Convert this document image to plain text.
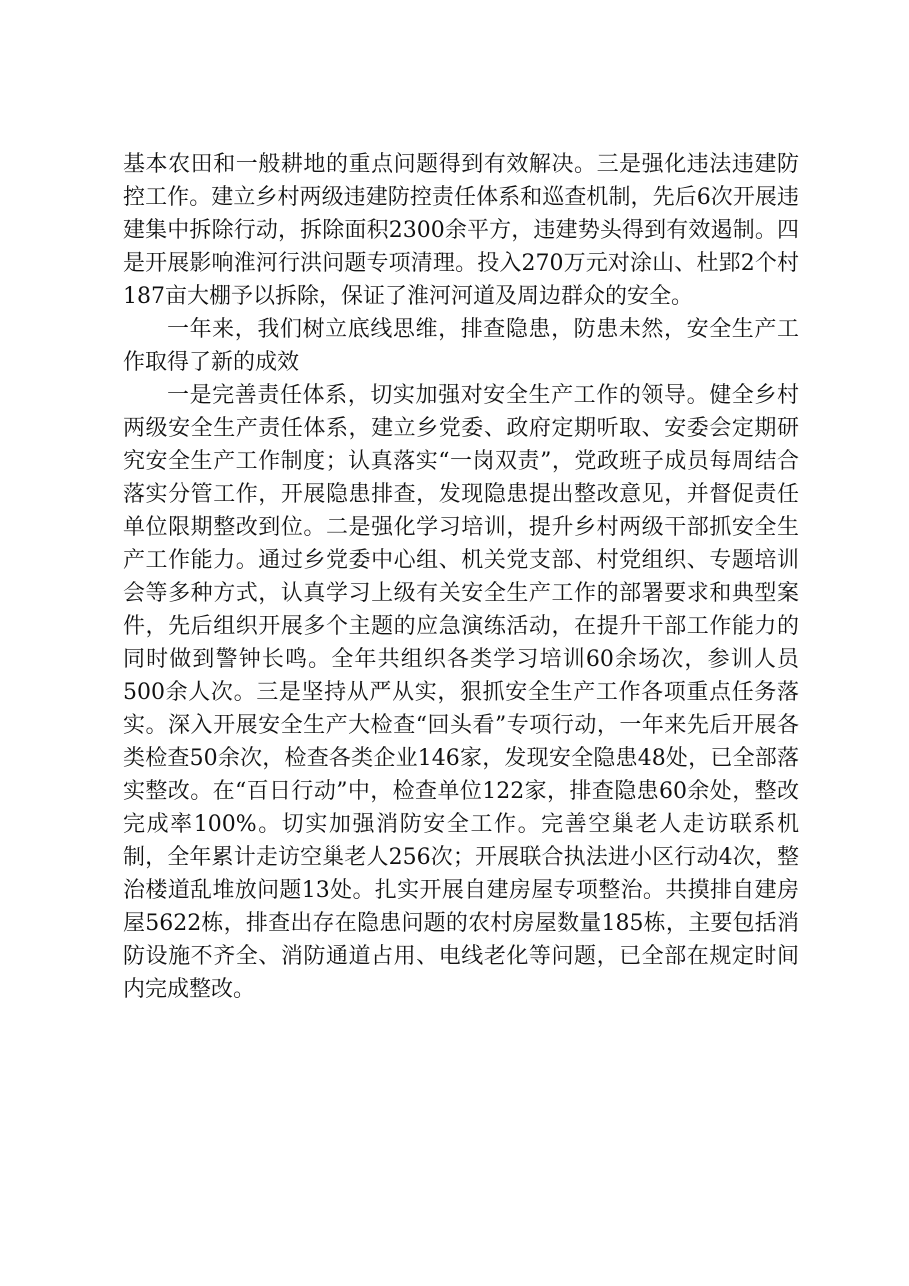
基本农田和一般耕地的重点问题得到有效解决。三是强化违法违建防控工作。建立乡村两级违建防控责任体系和巡查机制，先后6次开展违建集中拆除行动，拆除面积2300余平方，违建势头得到有效遏制。四是开展影响淮河行洪问题专项清理。投入270万元对涂山、杜郢2个村187亩大棚予以拆除，保证了淮河河道及周边群众的安全。

一年来，我们树立底线思维，排查隐患，防患未然，安全生产工作取得了新的成效

一是完善责任体系，切实加强对安全生产工作的领导。健全乡村两级安全生产责任体系，建立乡党委、政府定期听取、安委会定期研究安全生产工作制度；认真落实“一岗双责”，党政班子成员每周结合落实分管工作，开展隐患排查，发现隐患提出整改意见，并督促责任单位限期整改到位。二是强化学习培训，提升乡村两级干部抓安全生产工作能力。通过乡党委中心组、机关党支部、村党组织、专题培训会等多种方式，认真学习上级有关安全生产工作的部署要求和典型案件，先后组织开展多个主题的应急演练活动，在提升干部工作能力的同时做到警钟长鸣。全年共组织各类学习培训60余场次，参训人员500余人次。三是坚持从严从实，狠抓安全生产工作各项重点任务落实。深入开展安全生产大检查“回头看”专项行动，一年来先后开展各类检查50余次，检查各类企业146家，发现安全隐患48处，已全部落实整改。在“百日行动”中，检查单位122家，排查隐患60余处，整改完成率100%。切实加强消防安全工作。完善空巢老人走访联系机制，全年累计走访空巢老人256次；开展联合执法进小区行动4次，整治楼道乱堆放问题13处。扎实开展自建房屋专项整治。共摸排自建房屋5622栋，排查出存在隐患问题的农村房屋数量185栋，主要包括消防设施不齐全、消防通道占用、电线老化等问题，已全部在规定时间内完成整改。
